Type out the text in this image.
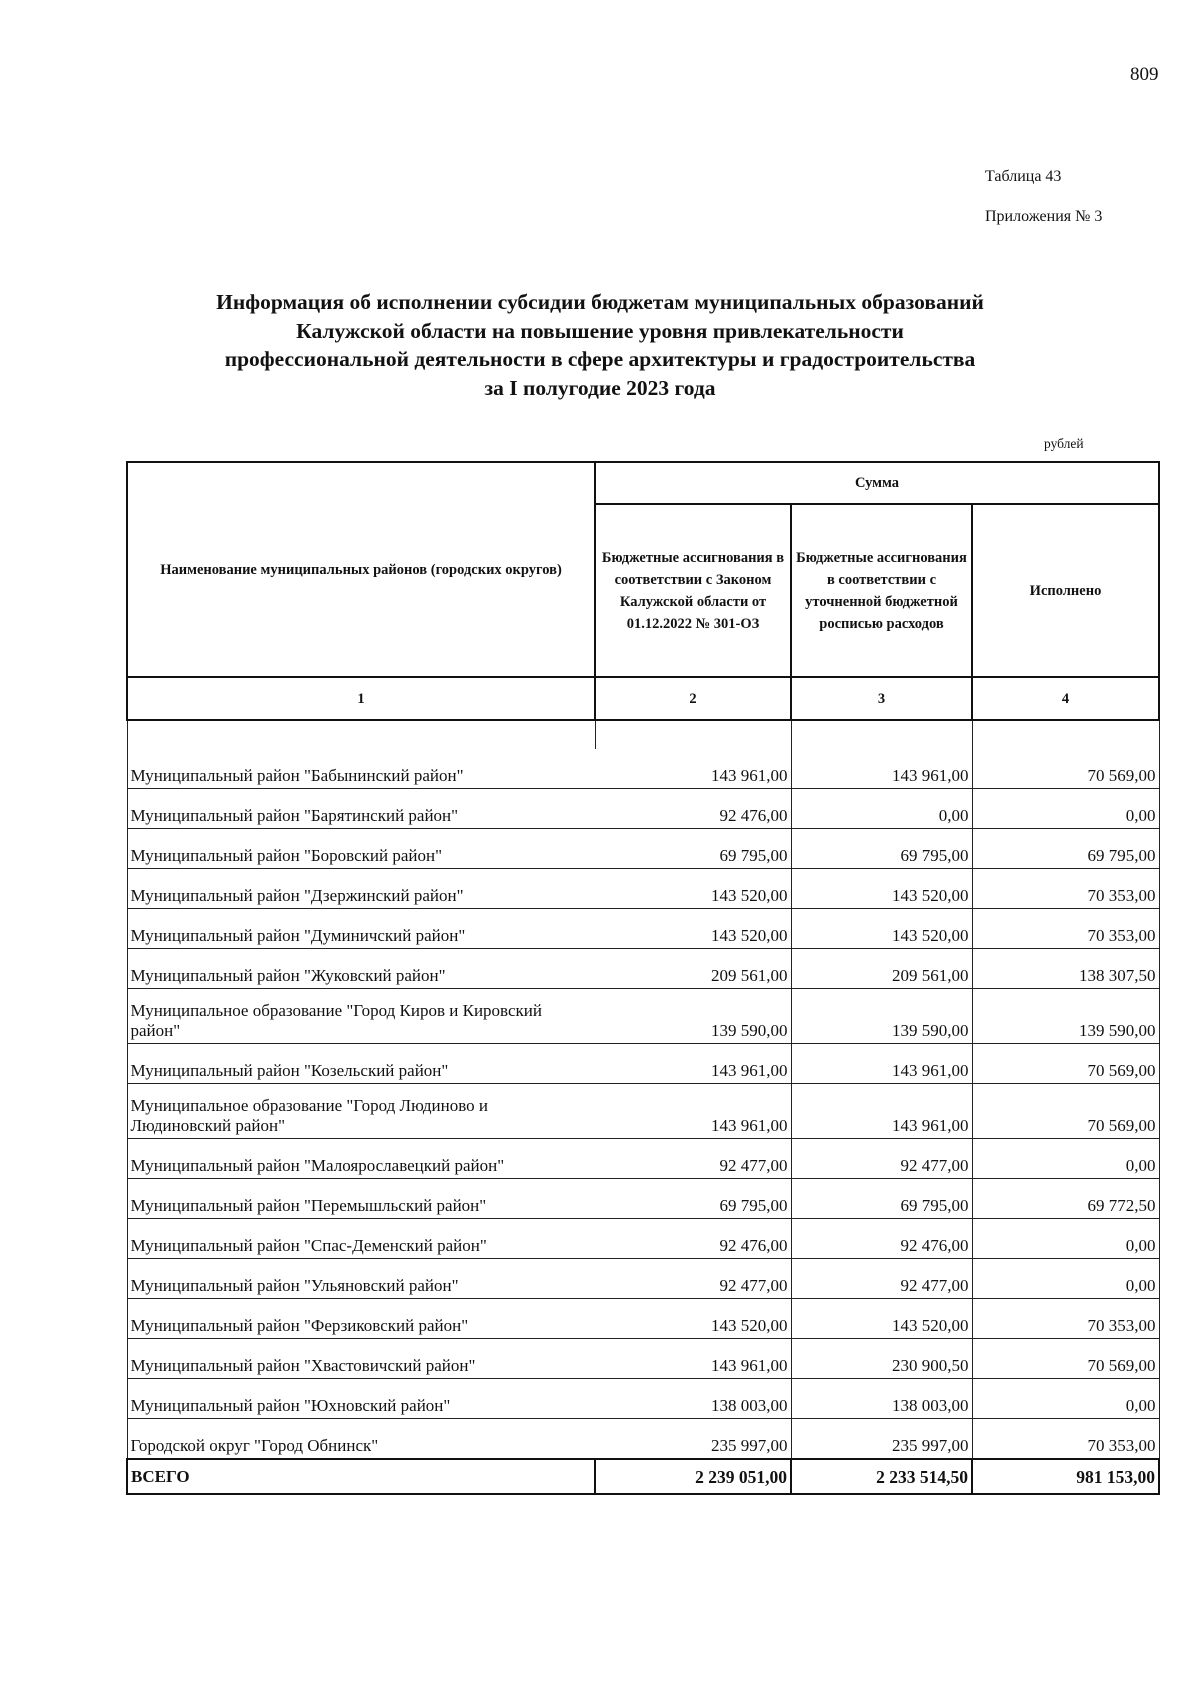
809
Таблица 43
Приложения № 3
Информация об исполнении субсидии бюджетам муниципальных образований
Калужской области на повышение уровня привлекательности
профессиональной деятельности в сфере архитектуры и градостроительства
за I полугодие 2023 года
рублей
Наименование муниципальных районов (городских округов)	Сумма		
	Бюджетные ассигнования в соответствии с Законом Калужской области от 01.12.2022 № 301-ОЗ	Бюджетные ассигнования в соответствии с уточненной бюджетной росписью расходов	Исполнено
1	2	3	4

Муниципальный район "Бабынинский район"	143 961,00	143 961,00	70 569,00
Муниципальный район "Барятинский район"	92 476,00	0,00	0,00
Муниципальный район "Боровский район"	69 795,00	69 795,00	69 795,00
Муниципальный район "Дзержинский район"	143 520,00	143 520,00	70 353,00
Муниципальный район "Думиничский район"	143 520,00	143 520,00	70 353,00
Муниципальный район "Жуковский район"	209 561,00	209 561,00	138 307,50
Муниципальное образование "Город Киров и Кировский район"	139 590,00	139 590,00	139 590,00
Муниципальный район "Козельский район"	143 961,00	143 961,00	70 569,00
Муниципальное образование "Город Людиново и Людиновский район"	143 961,00	143 961,00	70 569,00
Муниципальный район "Малоярославецкий район"	92 477,00	92 477,00	0,00
Муниципальный район "Перемышльский район"	69 795,00	69 795,00	69 772,50
Муниципальный район "Спас-Деменский район"	92 476,00	92 476,00	0,00
Муниципальный район "Ульяновский район"	92 477,00	92 477,00	0,00
Муниципальный район "Ферзиковский район"	143 520,00	143 520,00	70 353,00
Муниципальный район "Хвастовичский район"	143 961,00	230 900,50	70 569,00
Муниципальный район "Юхновский район"	138 003,00	138 003,00	0,00
Городской округ "Город Обнинск"	235 997,00	235 997,00	70 353,00
ВСЕГО	2 239 051,00	2 233 514,50	981 153,00
